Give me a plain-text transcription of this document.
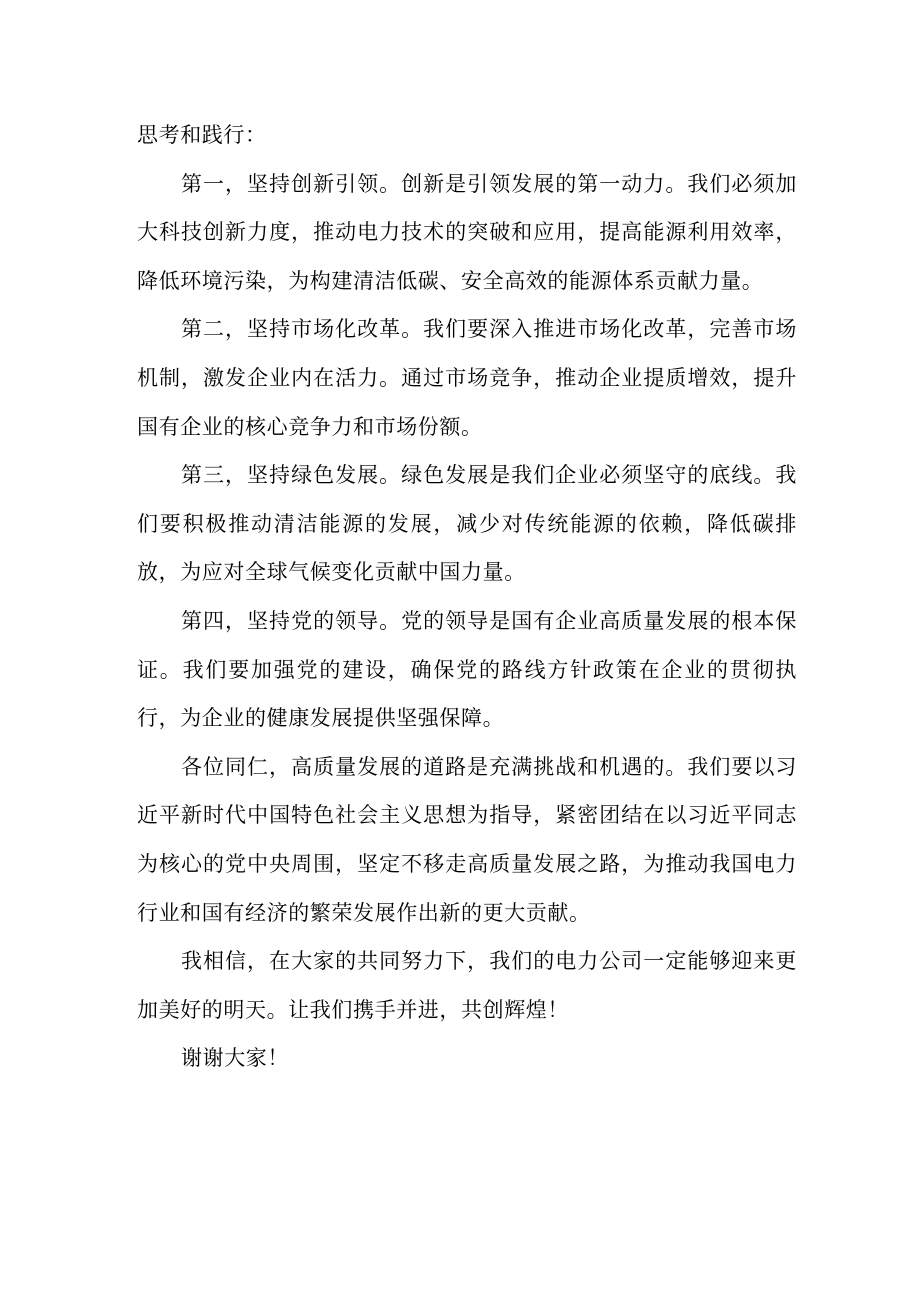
思考和践行：

第一，坚持创新引领。创新是引领发展的第一动力。我们必须加大科技创新力度，推动电力技术的突破和应用，提高能源利用效率，降低环境污染，为构建清洁低碳、安全高效的能源体系贡献力量。

第二，坚持市场化改革。我们要深入推进市场化改革，完善市场机制，激发企业内在活力。通过市场竞争，推动企业提质增效，提升国有企业的核心竞争力和市场份额。

第三，坚持绿色发展。绿色发展是我们企业必须坚守的底线。我们要积极推动清洁能源的发展，减少对传统能源的依赖，降低碳排放，为应对全球气候变化贡献中国力量。

第四，坚持党的领导。党的领导是国有企业高质量发展的根本保证。我们要加强党的建设，确保党的路线方针政策在企业的贯彻执行，为企业的健康发展提供坚强保障。

各位同仁，高质量发展的道路是充满挑战和机遇的。我们要以习近平新时代中国特色社会主义思想为指导，紧密团结在以习近平同志为核心的党中央周围，坚定不移走高质量发展之路，为推动我国电力行业和国有经济的繁荣发展作出新的更大贡献。

我相信，在大家的共同努力下，我们的电力公司一定能够迎来更加美好的明天。让我们携手并进，共创辉煌！

谢谢大家！
